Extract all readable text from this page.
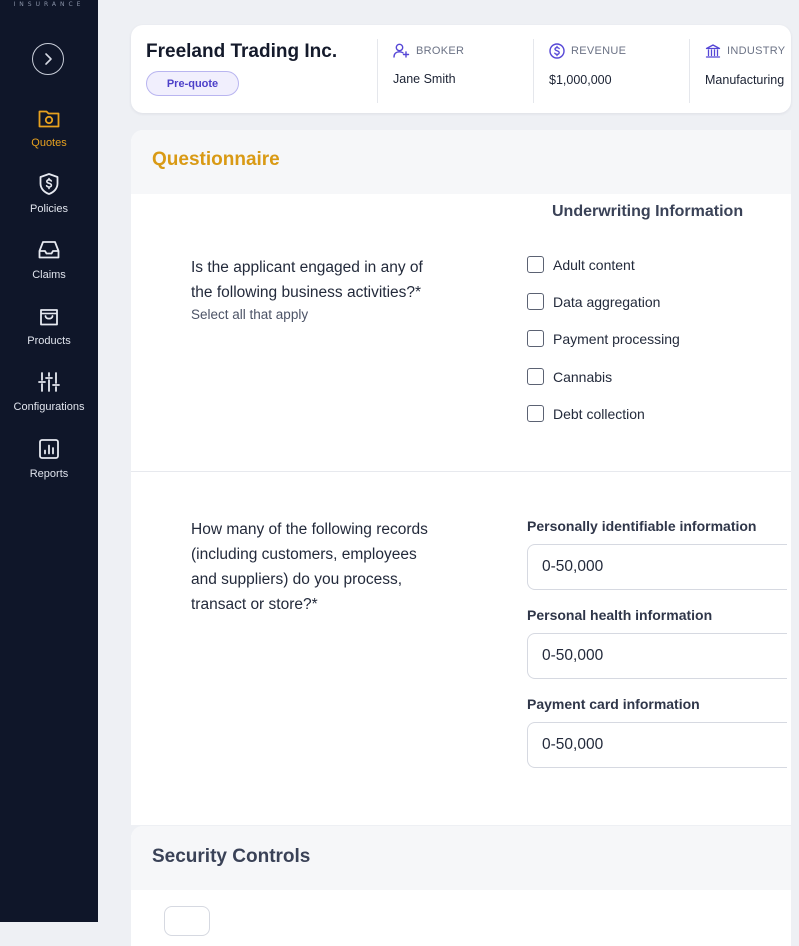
INSURANCE
Quotes
Policies
Claims
Products
Configurations
Reports
Freeland Trading Inc.
Pre-quote
BROKER
Jane Smith
REVENUE
$1,000,000
INDUSTRY
Manufacturing
Questionnaire
Underwriting Information
Is the applicant engaged in any of
the following business activities?*
Select all that apply
Adult content
Data aggregation
Payment processing
Cannabis
Debt collection
How many of the following records
(including customers, employees
and suppliers) do you process,
transact or store?*
Personally identifiable information
0-50,000
Personal health information
0-50,000
Payment card information
0-50,000
Security Controls
